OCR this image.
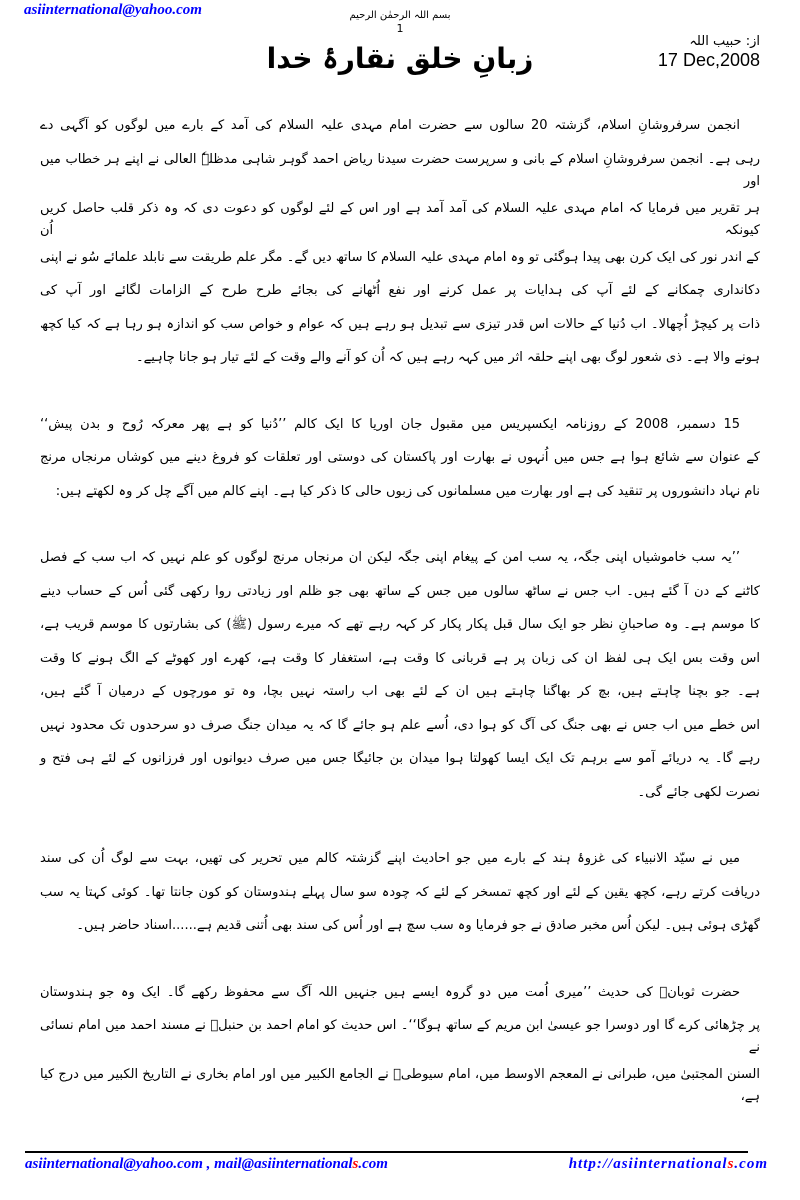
asiinternational@yahoo.com	بسم اللہ الرحمٰن الرحیم
1
از: حبیب اللہ
17 Dec,2008
زبانِ خلق نقارۂ خدا
انجمن سرفروشانِ اسلام، گزشتہ 20 سالوں سے حضرت امام مہدی علیہ السلام کی آمد کے بارے میں لوگوں کو آگہی دے
رہی ہے۔ انجمن سرفروشانِ اسلام کے بانی و سرپرست حضرت سیدنا ریاض احمد گوہر شاہی مدظلہٗ العالی نے اپنے ہر خطاب میں اور
ہر تقریر میں فرمایا کہ امام مہدی علیہ السلام کی آمد آمد ہے اور اس کے لئے لوگوں کو دعوت دی کہ وہ ذکر قلب حاصل کریں کیونکہ اُن
کے اندر نور کی ایک کرن بھی پیدا ہوگئی تو وہ امام مہدی علیہ السلام کا ساتھ دیں گے۔ مگر علم طریقت سے نابلد علمائے سُو نے اپنی
دکانداری چمکانے کے لئے آپ کی ہدایات پر عمل کرنے اور نفع اُٹھانے کی بجائے طرح طرح کے الزامات لگائے اور آپ کی
ذات پر کیچڑ اُچھالا۔ اب دُنیا کے حالات اس قدر تیزی سے تبدیل ہو رہے ہیں کہ عوام و خواص سب کو اندازہ ہو رہا ہے کہ کیا کچھ
ہونے والا ہے۔ ذی شعور لوگ بھی اپنے حلقہ اثر میں کہہ رہے ہیں کہ اُن کو آنے والے وقت کے لئے تیار ہو جانا چاہیے۔
15 دسمبر، 2008 کے روزنامہ ایکسپریس میں مقبول جان اوریا کا ایک کالم ’’دُنیا کو ہے پھر معرکہ رُوح و بدن پیش‘‘
کے عنوان سے شائع ہوا ہے جس میں اُنہوں نے بھارت اور پاکستان کی دوستی اور تعلقات کو فروغ دینے میں کوشاں مرنجاں مرنج
نام نہاد دانشوروں پر تنقید کی ہے اور بھارت میں مسلمانوں کی زبوں حالی کا ذکر کیا ہے۔ اپنے کالم میں آگے چل کر وہ لکھتے ہیں:
’’یہ سب خاموشیاں اپنی جگہ، یہ سب امن کے پیغام اپنی جگہ لیکن ان مرنجاں مرنج لوگوں کو علم نہیں کہ اب سب کے فصل
کاٹنے کے دن آ گئے ہیں۔ اب جس نے ساٹھ سالوں میں جس کے ساتھ بھی جو ظلم اور زیادتی روا رکھی گئی اُس کے حساب دینے
کا موسم ہے۔ وہ صاحبانِ نظر جو ایک سال قبل پکار پکار کر کہہ رہے تھے کہ میرے رسول (ﷺ) کی بشارتوں کا موسم قریب ہے،
اس وقت بس ایک ہی لفظ ان کی زبان پر ہے قربانی کا وقت ہے، استغفار کا وقت ہے، کھرے اور کھوٹے کے الگ ہونے کا وقت
ہے۔ جو بچنا چاہتے ہیں، بچ کر بھاگنا چاہتے ہیں ان کے لئے بھی اب راستہ نہیں بچا، وہ تو مورچوں کے درمیان آ گئے ہیں،
اس خطے میں اب جس نے بھی جنگ کی آگ کو ہوا دی، اُسے علم ہو جائے گا کہ یہ میدان جنگ صرف دو سرحدوں تک محدود نہیں
رہے گا۔ یہ دریائے آمو سے برہم تک ایک ایسا کھولتا ہوا میدان بن جائیگا جس میں صرف دیوانوں اور فرزانوں کے لئے ہی فتح و
نصرت لکھی جائے گی۔
میں نے سیّد الانبیاء کی غزوۂ ہند کے بارے میں جو احادیث اپنے گزشتہ کالم میں تحریر کی تھیں، بہت سے لوگ اُن کی سند
دریافت کرتے رہے، کچھ یقین کے لئے اور کچھ تمسخر کے لئے کہ چودہ سو سال پہلے ہندوستان کو کون جانتا تھا۔ کوئی کہتا یہ سب
گھڑی ہوئی ہیں۔ لیکن اُس مخبر صادق نے جو فرمایا وہ سب سچ ہے اور اُس کی سند بھی اُتنی قدیم ہے......اسناد حاضر ہیں۔
حضرت ثوبانؓ کی حدیث ’’میری اُمت میں دو گروہ ایسے ہیں جنہیں اللہ آگ سے محفوظ رکھے گا۔ ایک وہ جو ہندوستان
پر چڑھائی کرے گا اور دوسرا جو عیسیٰ ابن مریم کے ساتھ ہوگا‘‘۔ اس حدیث کو امام احمد بن حنبلؒ نے مسند احمد میں امام نسائی نے
السنن المجتبیٰ میں، طبرانی نے المعجم الاوسط میں، امام سیوطیؒ نے الجامع الکبیر میں اور امام بخاری نے التاریخ الکبیر میں درج کیا ہے،
asiinternational@yahoo.com , mail@asiinternationals.com	http://asiinternationals.com
